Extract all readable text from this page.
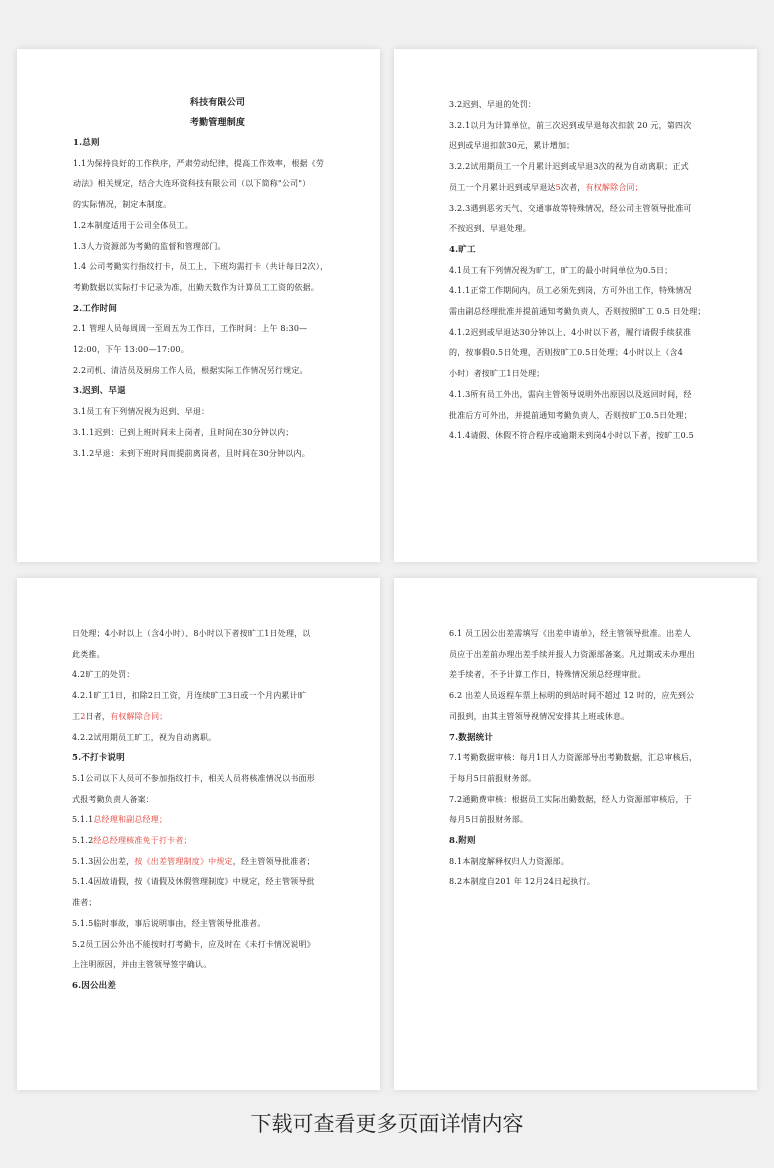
科技有限公司

考勤管理制度

1.总则

1.1为保持良好的工作秩序，严肃劳动纪律，提高工作效率，根据《劳

动法》相关规定，结合大连环资科技有限公司（以下简称"公司"）

的实际情况，制定本制度。

1.2本制度适用于公司全体员工。

1.3人力资源部为考勤的监督和管理部门。

1.4 公司考勤实行指纹打卡，员工上、下班均需打卡（共计每日2次），

考勤数据以实际打卡记录为准，出勤天数作为计算员工工资的依据。

2.工作时间

2.1 管理人员每周周一至周五为工作日，工作时间：上午 8:30—

12:00，下午 13:00—17:00。

2.2司机、清洁员及厨房工作人员，根据实际工作情况另行规定。

3.迟到、早退

3.1员工有下列情况视为迟到、早退：

3.1.1迟到：已到上班时间未上岗者，且时间在30分钟以内；

3.1.2早退：未到下班时间而提前离岗者，且时间在30分钟以内。

3.2迟到、早退的处罚：

3.2.1以月为计算单位，前三次迟到或早退每次扣款 20 元，第四次

迟到或早退扣款30元，累计增加；

3.2.2试用期员工一个月累计迟到或早退3次的视为自动离职；正式

员工一个月累计迟到或早退达5次者，有权解除合同；

3.2.3遇到恶劣天气、交通事故等特殊情况，经公司主管领导批准可

不按迟到、早退处理。

4.旷工

4.1员工有下列情况视为旷工，旷工的最小时间单位为0.5日；

4.1.1正常工作期间内，员工必须先到岗，方可外出工作，特殊情况

需由副总经理批准并提前通知考勤负责人，否则按照旷工 0.5 日处理；

4.1.2迟到或早退达30分钟以上、4小时以下者，履行请假手续获准

的，按事假0.5日处理，否则按旷工0.5日处理；4小时以上（含4

小时）者按旷工1日处理；

4.1.3所有员工外出，需向主管领导说明外出原因以及返回时间，经

批准后方可外出，并提前通知考勤负责人，否则按旷工0.5日处理；

4.1.4请假、休假不符合程序或逾期未到岗4小时以下者，按旷工0.5

日处理；4小时以上（含4小时）、8小时以下者按旷工1日处理，以

此类推。

4.2旷工的处罚：

4.2.1旷工1日，扣除2日工资，月连续旷工3日或一个月内累计旷

工2日者，有权解除合同；

4.2.2试用期员工旷工，视为自动离职。

5.不打卡说明

5.1公司以下人员可不参加指纹打卡，相关人员将核准情况以书面形

式报考勤负责人备案：

5.1.1总经理和副总经理；

5.1.2经总经理核准免于打卡者；

5.1.3因公出差，按《出差管理制度》中规定，经主管领导批准者；

5.1.4因故请假，按《请假及休假管理制度》中规定，经主管领导批

准者；

5.1.5临时事故，事后说明事由，经主管领导批准者。

5.2员工因公外出不能按时打考勤卡，应及时在《未打卡情况说明》

上注明原因，并由主管领导签字确认。

6.因公出差

6.1 员工因公出差需填写《出差申请单》，经主管领导批准。出差人

员应于出差前办理出差手续并报人力资源部备案。凡过期或未办理出

差手续者，不予计算工作日，特殊情况须总经理审批。

6.2 出差人员返程车票上标明的到站时间不超过 12 时的，应先到公

司报到，由其主管领导视情况安排其上班或休息。

7.数据统计

7.1考勤数据审核：每月1日人力资源部导出考勤数据，汇总审核后，

于每月5日前报财务部。

7.2通勤费审核：根据员工实际出勤数据，经人力资源部审核后，于

每月5日前报财务部。

8.附则

8.1本制度解释权归人力资源部。

8.2本制度自201 年 12月24日起执行。

下载可查看更多页面详情内容
